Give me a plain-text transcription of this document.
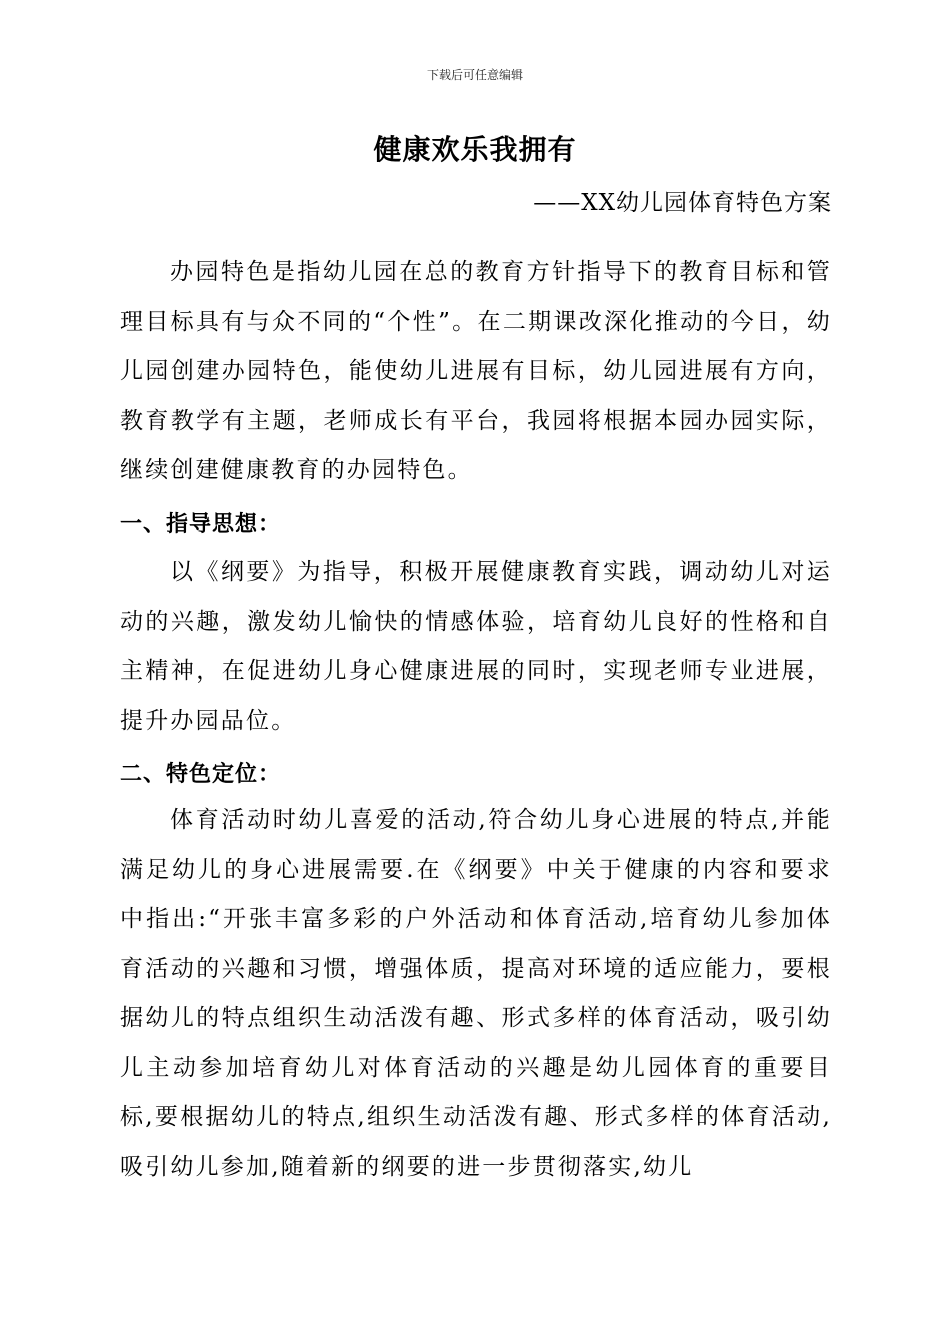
下载后可任意编辑
健康欢乐我拥有
——XX幼儿园体育特色方案

办园特色是指幼儿园在总的教育方针指导下的教育目标和管理目标具有与众不同的“个性”。在二期课改深化推动的今日，幼儿园创建办园特色，能使幼儿进展有目标，幼儿园进展有方向，教育教学有主题，老师成长有平台，我园将根据本园办园实际，继续创建健康教育的办园特色。

一、指导思想：

以《纲要》为指导，积极开展健康教育实践，调动幼儿对运动的兴趣，激发幼儿愉快的情感体验，培育幼儿良好的性格和自主精神，在促进幼儿身心健康进展的同时，实现老师专业进展，提升办园品位。

二、特色定位：

体育活动时幼儿喜爱的活动,符合幼儿身心进展的特点,并能满足幼儿的身心进展需要.在《纲要》中关于健康的内容和要求中指出:“开张丰富多彩的户外活动和体育活动,培育幼儿参加体育活动的兴趣和习惯，增强体质，提高对环境的适应能力，要根据幼儿的特点组织生动活泼有趣、形式多样的体育活动，吸引幼儿主动参加培育幼儿对体育活动的兴趣是幼儿园体育的重要目标,要根据幼儿的特点,组织生动活泼有趣、形式多样的体育活动,吸引幼儿参加,随着新的纲要的进一步贯彻落实,幼儿
